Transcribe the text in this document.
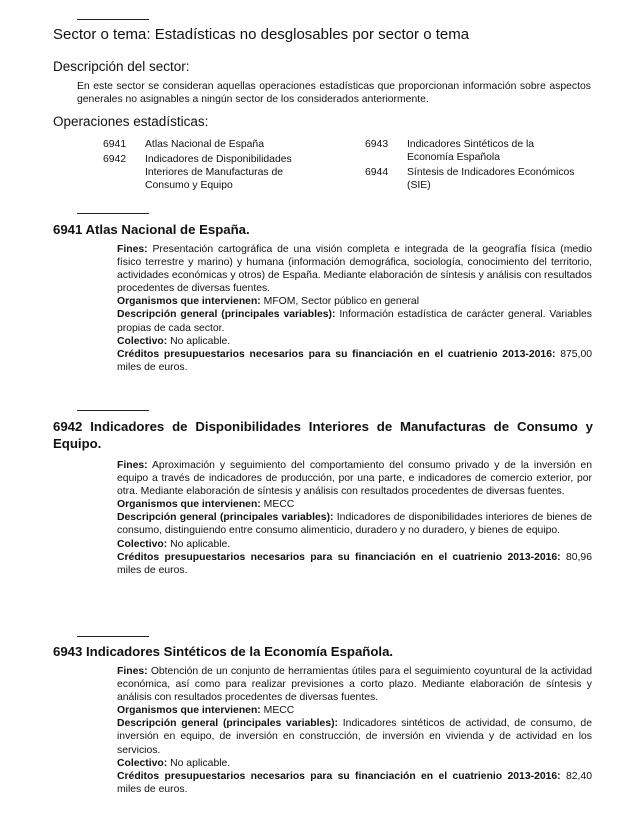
Sector o tema: Estadísticas no desglosables por sector o tema
Descripción del sector:
En este sector se consideran aquellas operaciones estadísticas que proporcionan información sobre aspectos generales no asignables a ningún sector de los considerados anteriormente.
Operaciones estadísticas:
6941	Atlas Nacional de España
6942	Indicadores de Disponibilidades Interiores de Manufacturas de Consumo y Equipo
6943	Indicadores Sintéticos de la Economía Española
6944	Síntesis de Indicadores Económicos (SIE)
6941 Atlas Nacional de España.

Fines: Presentación cartográfica de una visión completa e integrada de la geografía física (medio físico terrestre y marino) y humana (información demográfica, sociología, conocimiento del territorio, actividades económicas y otros) de España. Mediante elaboración de síntesis y análisis con resultados procedentes de diversas fuentes.

Organismos que intervienen: MFOM, Sector público en general

Descripción general (principales variables): Información estadística de carácter general. Variables propias de cada sector.

Colectivo: No aplicable.

Créditos presupuestarios necesarios para su financiación en el cuatrienio 2013-2016: 875,00 miles de euros.

6942 Indicadores de Disponibilidades Interiores de Manufacturas de Consumo y Equipo.

Fines: Aproximación y seguimiento del comportamiento del consumo privado y de la inversión en equipo a través de indicadores de producción, por una parte, e indicadores de comercio exterior, por otra. Mediante elaboración de síntesis y análisis con resultados procedentes de diversas fuentes.

Organismos que intervienen: MECC

Descripción general (principales variables): Indicadores de disponibilidades interiores de bienes de consumo, distinguiendo entre consumo alimenticio, duradero y no duradero, y bienes de equipo.

Colectivo: No aplicable.

Créditos presupuestarios necesarios para su financiación en el cuatrienio 2013-2016: 80,96 miles de euros.

6943 Indicadores Sintéticos de la Economía Española.

Fines: Obtención de un conjunto de herramientas útiles para el seguimiento coyuntural de la actividad económica, así como para realizar previsiones a corto plazo. Mediante elaboración de síntesis y análisis con resultados procedentes de diversas fuentes.

Organismos que intervienen: MECC

Descripción general (principales variables): Indicadores sintéticos de actividad, de consumo, de inversión en equipo, de inversión en construcción, de inversión en vivienda y de actividad en los servicios.

Colectivo: No aplicable.

Créditos presupuestarios necesarios para su financiación en el cuatrienio 2013-2016: 82,40 miles de euros.
